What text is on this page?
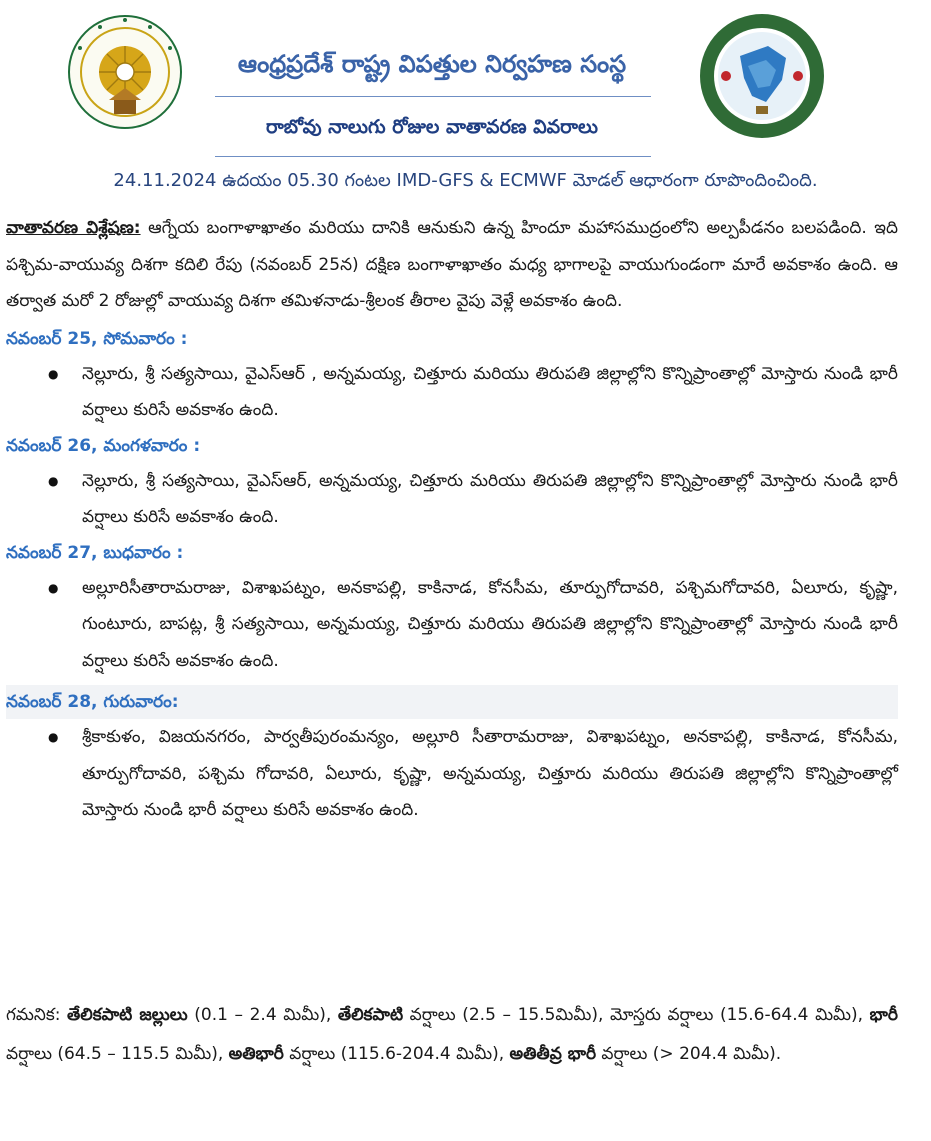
ఆంధ్రప్రదేశ్ రాష్ట్ర విపత్తుల నిర్వహణ సంస్థ
రాబోవు నాలుగు రోజుల వాతావరణ వివరాలు
24.11.2024 ఉదయం 05.30 గంటల IMD-GFS & ECMWF మోడల్ ఆధారంగా రూపొందించింది.

వాతావరణ విశ్లేషణ: ఆగ్నేయ బంగాళాఖాతం మరియు దానికి ఆనుకుని ఉన్న హిందూ మహాసముద్రంలోని అల్పపీడనం బలపడింది. ఇది పశ్చిమ-వాయువ్య దిశగా కదిలి రేపు (నవంబర్ 25న) దక్షిణ బంగాళాఖాతం మధ్య భాగాలపై వాయుగుండంగా మారే అవకాశం ఉంది. ఆ తర్వాత మరో 2 రోజుల్లో వాయువ్య దిశగా తమిళనాడు-శ్రీలంక తీరాల వైపు వెళ్లే అవకాశం ఉంది.

నవంబర్ 25, సోమవారం :

● నెల్లూరు, శ్రీ సత్యసాయి, వైఎస్ఆర్ , అన్నమయ్య, చిత్తూరు మరియు తిరుపతి జిల్లాల్లోని కొన్నిప్రాంతాల్లో మోస్తారు నుండి భారీ వర్షాలు కురిసే అవకాశం ఉంది.

నవంబర్ 26, మంగళవారం :

● నెల్లూరు, శ్రీ సత్యసాయి, వైఎస్ఆర్, అన్నమయ్య, చిత్తూరు మరియు తిరుపతి జిల్లాల్లోని కొన్నిప్రాంతాల్లో మోస్తారు నుండి భారీ వర్షాలు కురిసే అవకాశం ఉంది.

నవంబర్ 27, బుధవారం :

● అల్లూరిసీతారామరాజు, విశాఖపట్నం, అనకాపల్లి, కాకినాడ, కోనసీమ, తూర్పుగోదావరి, పశ్చిమగోదావరి, ఏలూరు, కృష్ణా, గుంటూరు, బాపట్ల, శ్రీ సత్యసాయి, అన్నమయ్య, చిత్తూరు మరియు తిరుపతి జిల్లాల్లోని కొన్నిప్రాంతాల్లో మోస్తారు నుండి భారీ వర్షాలు కురిసే అవకాశం ఉంది.

నవంబర్ 28, గురువారం:

● శ్రీకాకుళం, విజయనగరం, పార్వతీపురంమన్యం, అల్లూరి సీతారామరాజు, విశాఖపట్నం, అనకాపల్లి, కాకినాడ, కోనసీమ, తూర్పుగోదావరి, పశ్చిమ గోదావరి, ఏలూరు, కృష్ణా, అన్నమయ్య, చిత్తూరు మరియు తిరుపతి జిల్లాల్లోని కొన్నిప్రాంతాల్లో మోస్తారు నుండి భారీ వర్షాలు కురిసే అవకాశం ఉంది.
గమనిక: తేలికపాటి జల్లులు (0.1 – 2.4 మిమీ), తేలికపాటి వర్షాలు (2.5 – 15.5మిమీ), మోస్తరు వర్షాలు (15.6-64.4 మిమీ), భారీ వర్షాలు (64.5 – 115.5 మిమీ), అతిభారీ వర్షాలు (115.6-204.4 మిమీ), అతితీవ్ర భారీ వర్షాలు (> 204.4 మిమీ).
